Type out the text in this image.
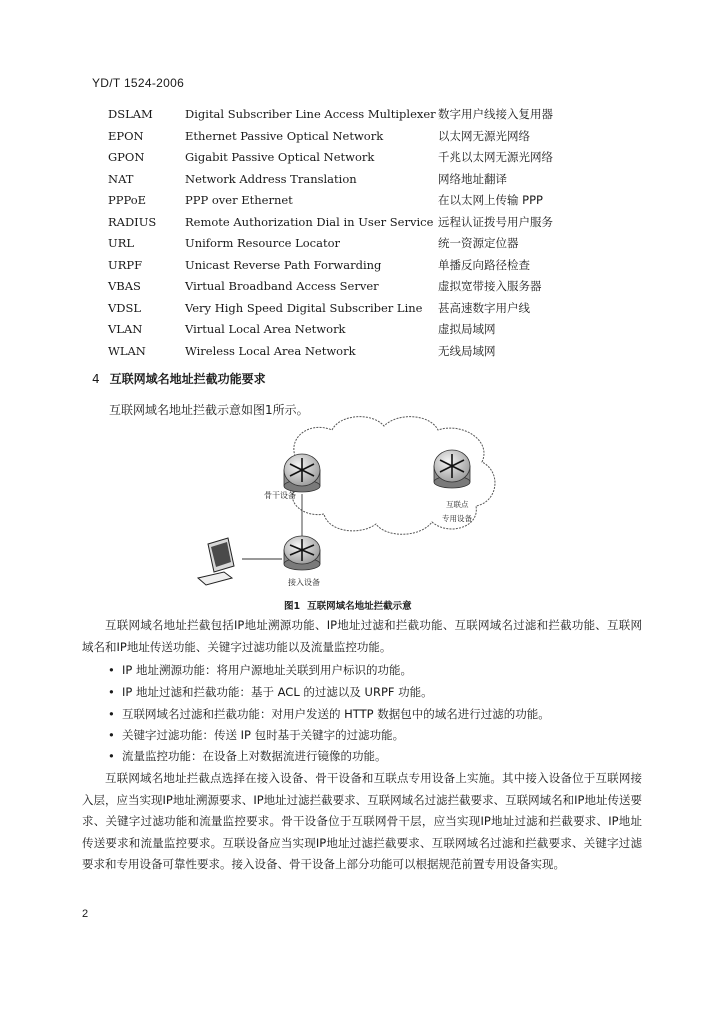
YD/T 1524-2006
DSLAM	Digital Subscriber Line Access Multiplexer 数字用户线接入复用器
EPON	Ethernet Passive Optical Network	以太网无源光网络
GPON	Gigabit Passive Optical Network	千兆以太网无源光网络
NAT	Network Address Translation	网络地址翻译
PPPoE	PPP over Ethernet	在以太网上传输 PPP
RADIUS Remote Authorization Dial in User Service 远程认证拨号用户服务
URL	Uniform Resource Locator	统一资源定位器
URPF	Unicast Reverse Path Forwarding	单播反向路径检查
VBAS	Virtual Broadband Access Server	虚拟宽带接入服务器
VDSL	Very High Speed Digital Subscriber Line 甚高速数字用户线
VLAN	Virtual Local Area Network	虚拟局域网
WLAN	Wireless Local Area Network	无线局域网
4 互联网域名地址拦截功能要求
互联网域名地址拦截示意如图1所示。
骨干设备
互联点
专用设备
接入设备
图1 互联网域名地址拦截示意
互联网域名地址拦截包括IP地址溯源功能、IP地址过滤和拦截功能、互联网域名过滤和拦截功能、互联网域名和IP地址传送功能、关键字过滤功能以及流量监控功能。
• IP 地址溯源功能：将用户源地址关联到用户标识的功能。
• IP 地址过滤和拦截功能：基于 ACL 的过滤以及 URPF 功能。
• 互联网域名过滤和拦截功能：对用户发送的 HTTP 数据包中的域名进行过滤的功能。
• 关键字过滤功能：传送 IP 包时基于关键字的过滤功能。
• 流量监控功能：在设备上对数据流进行镜像的功能。
互联网域名地址拦截点选择在接入设备、骨干设备和互联点专用设备上实施。其中接入设备位于互联网接入层，应当实现IP地址溯源要求、IP地址过滤拦截要求、互联网域名过滤拦截要求、互联网域名和IP地址传送要求、关键字过滤功能和流量监控要求。骨干设备位于互联网骨干层，应当实现IP地址过滤和拦截要求、IP地址传送要求和流量监控要求。互联设备应当实现IP地址过滤拦截要求、互联网域名过滤和拦截要求、关键字过滤要求和专用设备可靠性要求。接入设备、骨干设备上部分功能可以根据规范前置专用设备实现。
2
